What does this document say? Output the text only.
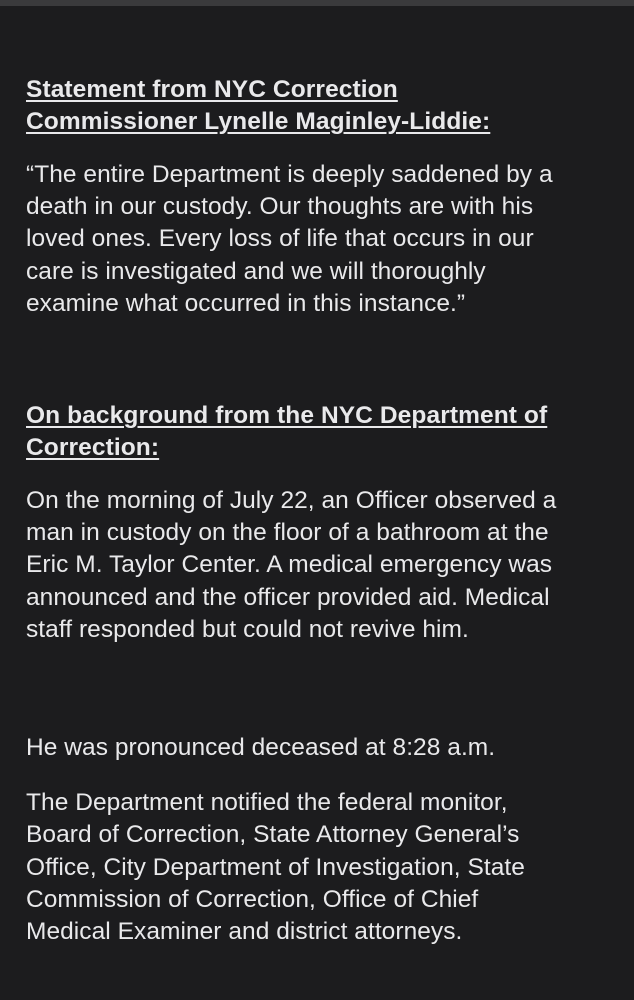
Statement from NYC Correction
Commissioner Lynelle Maginley-Liddie:

“The entire Department is deeply saddened by a
death in our custody. Our thoughts are with his
loved ones. Every loss of life that occurs in our
care is investigated and we will thoroughly
examine what occurred in this instance.”

On background from the NYC Department of
Correction:

On the morning of July 22, an Officer observed a
man in custody on the floor of a bathroom at the
Eric M. Taylor Center. A medical emergency was
announced and the officer provided aid. Medical
staff responded but could not revive him.

He was pronounced deceased at 8:28 a.m.

The Department notified the federal monitor,
Board of Correction, State Attorney General’s
Office, City Department of Investigation, State
Commission of Correction, Office of Chief
Medical Examiner and district attorneys.
